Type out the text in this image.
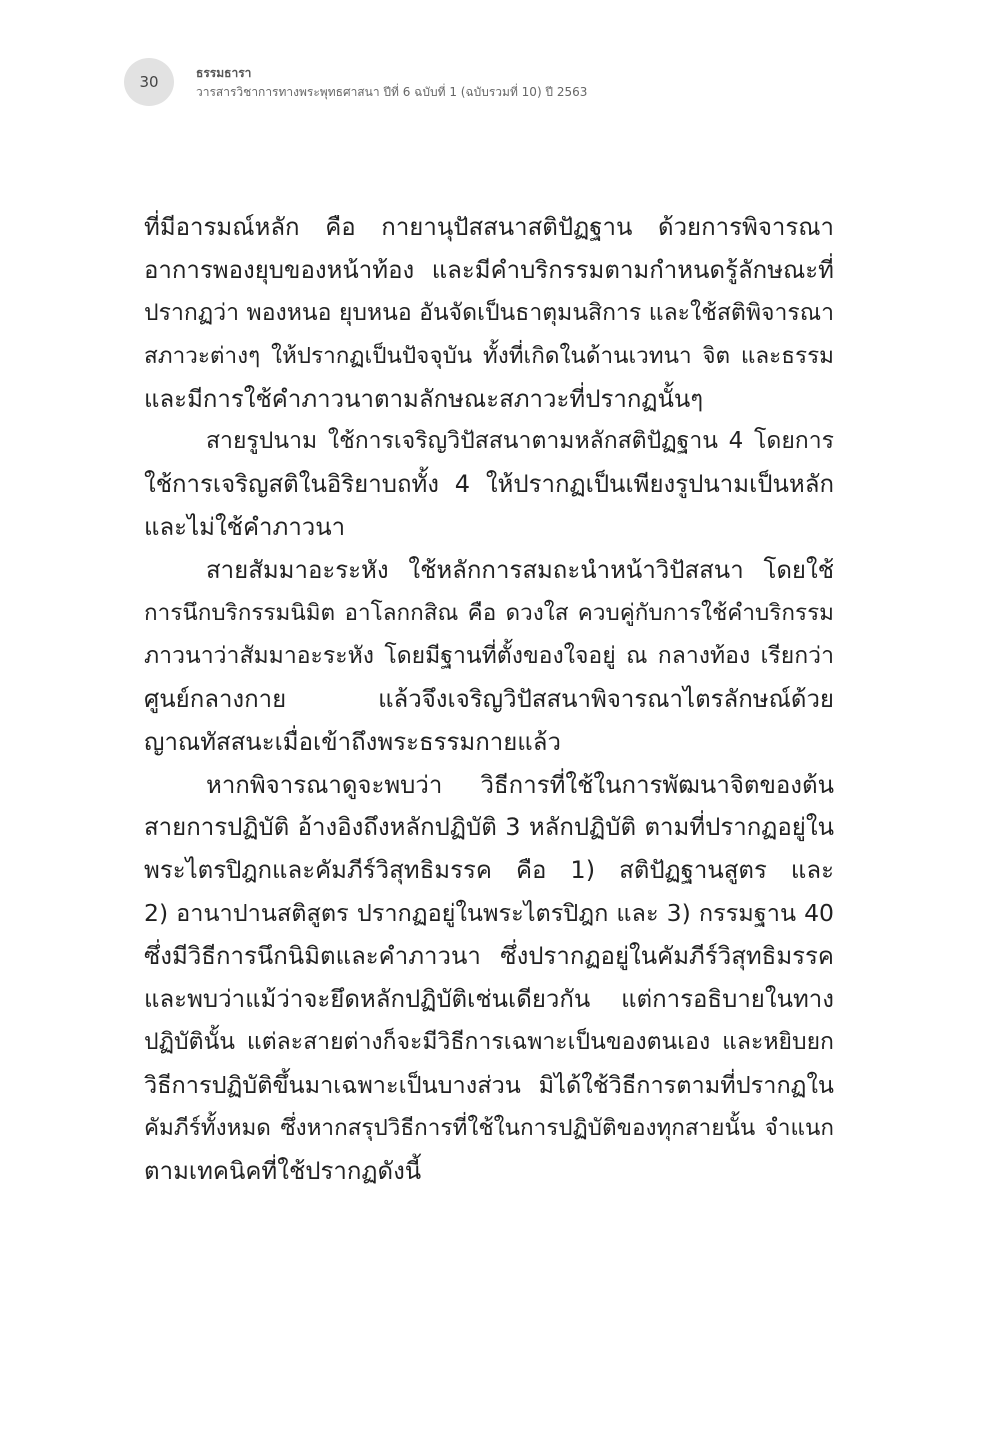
30	ธรรมธารา
วารสารวิชาการทางพระพุทธศาสนา ปีที่ 6 ฉบับที่ 1 (ฉบับรวมที่ 10) ปี 2563
ที่มีอารมณ์หลัก คือ กายานุปัสสนาสติปัฏฐาน ด้วยการพิจารณา
อาการพองยุบของหน้าท้อง และมีคำบริกรรมตามกำหนดรู้ลักษณะที่
ปรากฏว่า พองหนอ ยุบหนอ อันจัดเป็นธาตุมนสิการ และใช้สติพิจารณา
สภาวะต่างๆ ให้ปรากฏเป็นปัจจุบัน ทั้งที่เกิดในด้านเวทนา จิต และธรรม
และมีการใช้คำภาวนาตามลักษณะสภาวะที่ปรากฏนั้นๆ
สายรูปนาม ใช้การเจริญวิปัสสนาตามหลักสติปัฏฐาน 4 โดยการ
ใช้การเจริญสติในอิริยาบถทั้ง 4 ให้ปรากฏเป็นเพียงรูปนามเป็นหลัก
และไม่ใช้คำภาวนา
สายสัมมาอะระหัง ใช้หลักการสมถะนำหน้าวิปัสสนา โดยใช้
การนึกบริกรรมนิมิต อาโลกกสิณ คือ ดวงใส ควบคู่กับการใช้คำบริกรรม
ภาวนาว่าสัมมาอะระหัง โดยมีฐานที่ตั้งของใจอยู่ ณ กลางท้อง เรียกว่า
ศูนย์กลางกาย แล้วจึงเจริญวิปัสสนาพิจารณาไตรลักษณ์ด้วย
ญาณทัสสนะเมื่อเข้าถึงพระธรรมกายแล้ว
หากพิจารณาดูจะพบว่า วิธีการที่ใช้ในการพัฒนาจิตของต้น
สายการปฏิบัติ อ้างอิงถึงหลักปฏิบัติ 3 หลักปฏิบัติ ตามที่ปรากฏอยู่ใน
พระไตรปิฎกและคัมภีร์วิสุทธิมรรค คือ 1) สติปัฏฐานสูตร และ
2) อานาปานสติสูตร ปรากฏอยู่ในพระไตรปิฎก และ 3) กรรมฐาน 40
ซึ่งมีวิธีการนึกนิมิตและคำภาวนา ซึ่งปรากฏอยู่ในคัมภีร์วิสุทธิมรรค
และพบว่าแม้ว่าจะยึดหลักปฏิบัติเช่นเดียวกัน แต่การอธิบายในทาง
ปฏิบัตินั้น แต่ละสายต่างก็จะมีวิธีการเฉพาะเป็นของตนเอง และหยิบยก
วิธีการปฏิบัติขึ้นมาเฉพาะเป็นบางส่วน มิได้ใช้วิธีการตามที่ปรากฏใน
คัมภีร์ทั้งหมด ซึ่งหากสรุปวิธีการที่ใช้ในการปฏิบัติของทุกสายนั้น จำแนก
ตามเทคนิคที่ใช้ปรากฏดังนี้
